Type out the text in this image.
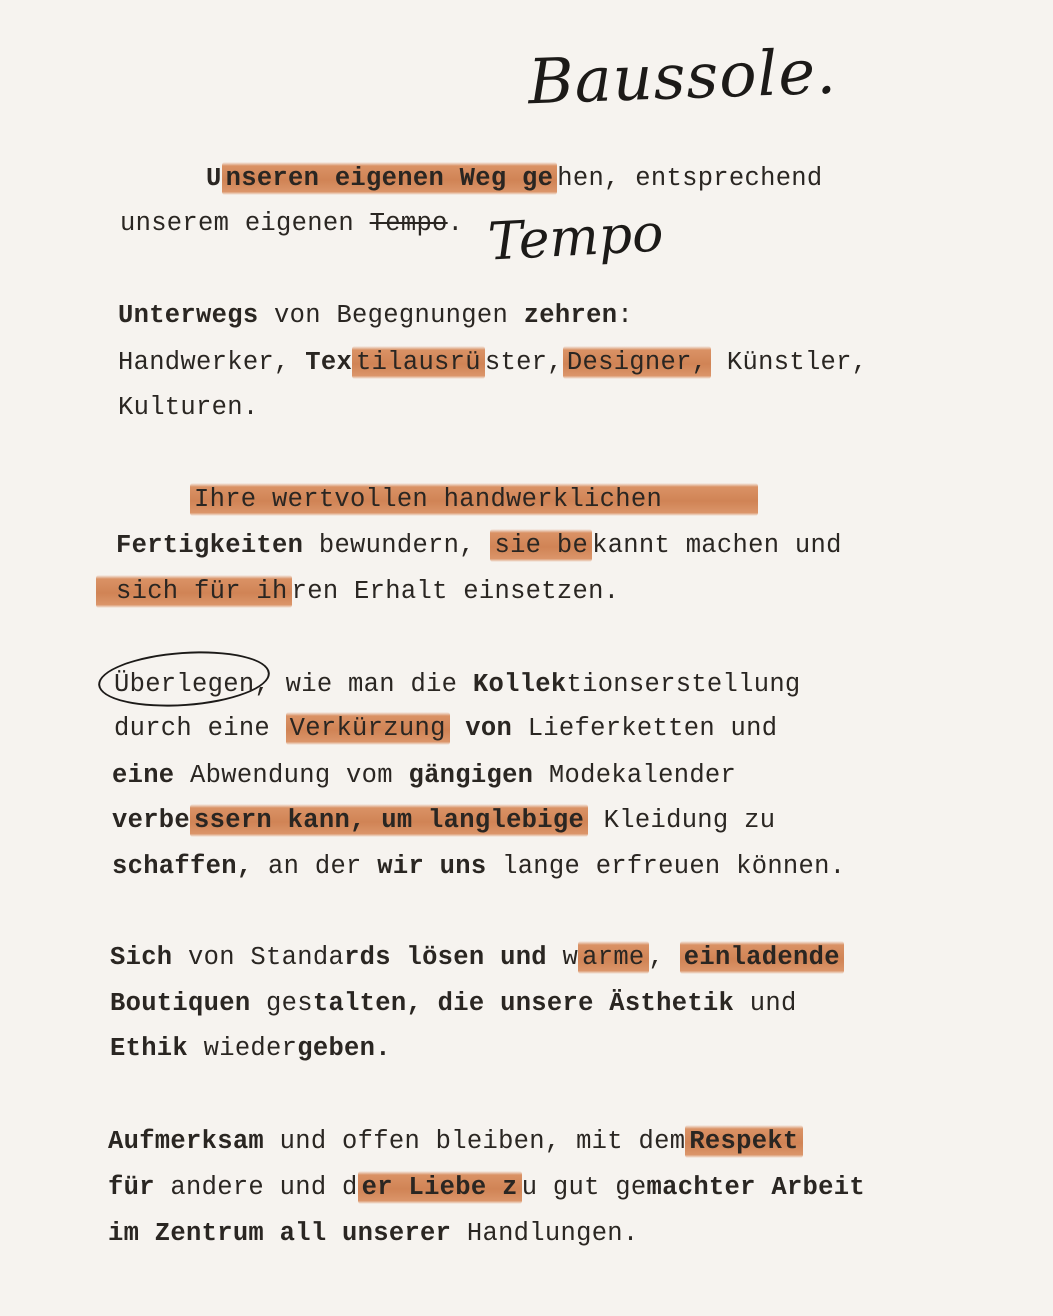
Baussole.
U nseren eigenen Weg ge hen, entsprechend
unserem eigenen Tempo. Tempo
Unterwegs von Begegnungen zehren:
Handwerker, Tex tilausrü ster, Designer, Künstler,
Kulturen.
Ihre wertvollen handwerklichen
Fertigkeiten bewundern, sie be kannt machen und
sich für ih ren Erhalt einsetzen.
Überlegen, wie man die Kollektionserstellung
durch eine Verkürzung von Lieferketten und
eine Abwendung vom gängigen Modekalender
verbe ssern kann, um langlebige Kleidung zu
schaffen, an der wir uns lange erfreuen können.
Sich von Standards lösen und w arme , einladende
Boutiquen gestalten, die unsere Ästhetik und
Ethik wiedergeben.
Aufmerksam und offen bleiben, mit dem Respekt
für andere und d er Liebe z u gut gemachter Arbeit
im Zentrum all unserer Handlungen.
